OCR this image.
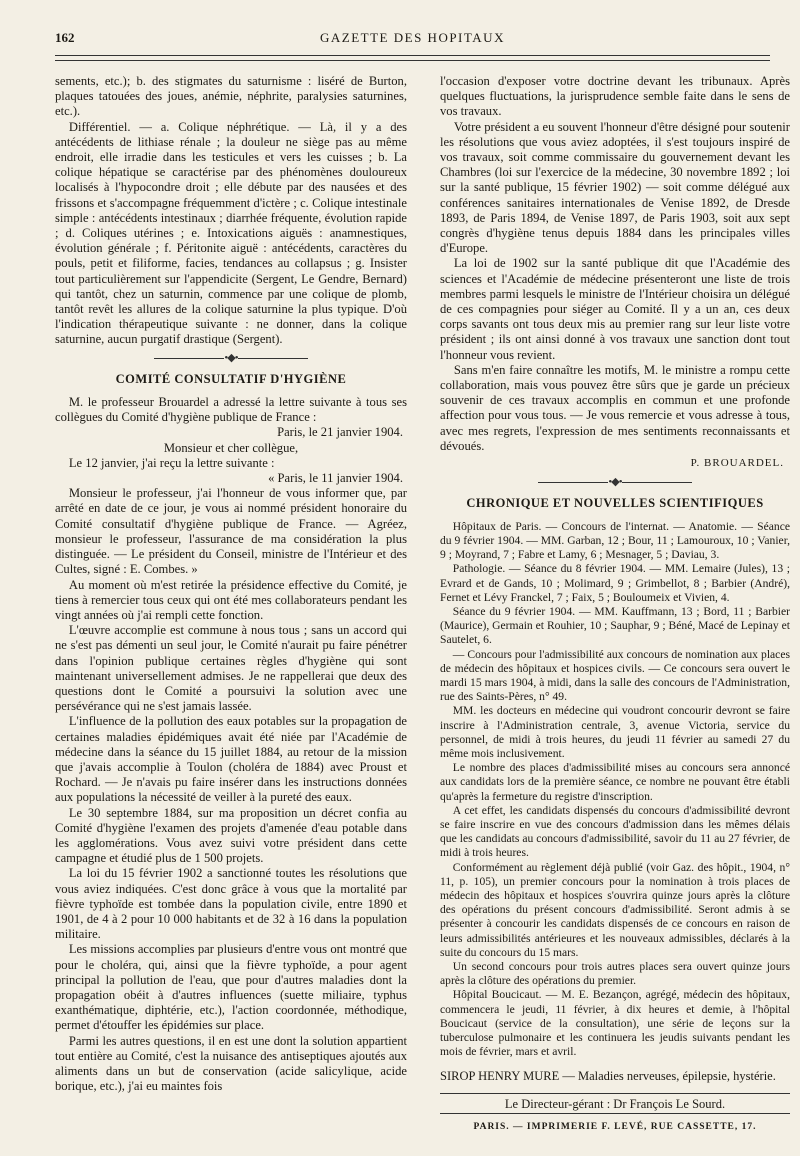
162	GAZETTE DES HOPITAUX

sements, etc.); b. des stigmates du saturnisme : liséré de Burton, plaques tatouées des joues, anémie, néphrite, paralysies saturnines, etc.).

Différentiel. — a. Colique néphrétique. — Là, il y a des antécédents de lithiase rénale ; la douleur ne siège pas au même endroit, elle irradie dans les testicules et vers les cuisses ; b. La colique hépatique se caractérise par des phénomènes douloureux localisés à l'hypocondre droit ; elle débute par des nausées et des frissons et s'accompagne fréquemment d'ictère ; c. Colique intestinale simple : antécédents intestinaux ; diarrhée fréquente, évolution rapide ; d. Coliques utérines ; e. Intoxications aiguës : anamnestiques, évolution générale ; f. Péritonite aiguë : antécédents, caractères du pouls, petit et filiforme, facies, tendances au collapsus ; g. Insister tout particulièrement sur l'appendicite (Sergent, Le Gendre, Bernard) qui tantôt, chez un saturnin, commence par une colique de plomb, tantôt revêt les allures de la colique saturnine la plus typique. D'où l'indication thérapeutique suivante : ne donner, dans la colique saturnine, aucun purgatif drastique (Sergent).

•◆•
COMITÉ CONSULTATIF D'HYGIÈNE

M. le professeur Brouardel a adressé la lettre suivante à tous ses collègues du Comité d'hygiène publique de France :

Paris, le 21 janvier 1904.

Monsieur et cher collègue,

Le 12 janvier, j'ai reçu la lettre suivante :

« Paris, le 11 janvier 1904.

Monsieur le professeur, j'ai l'honneur de vous informer que, par arrêté en date de ce jour, je vous ai nommé président honoraire du Comité consultatif d'hygiène publique de France. — Agréez, monsieur le professeur, l'assurance de ma considération la plus distinguée. — Le président du Conseil, ministre de l'Intérieur et des Cultes, signé : E. Combes. »

Au moment où m'est retirée la présidence effective du Comité, je tiens à remercier tous ceux qui ont été mes collaborateurs pendant les vingt années où j'ai rempli cette fonction.

L'œuvre accomplie est commune à nous tous ; sans un accord qui ne s'est pas démenti un seul jour, le Comité n'aurait pu faire pénétrer dans l'opinion publique certaines règles d'hygiène qui sont maintenant universellement admises. Je ne rappellerai que deux des questions dont le Comité a poursuivi la solution avec une persévérance qui ne s'est jamais lassée.

L'influence de la pollution des eaux potables sur la propagation de certaines maladies épidémiques avait été niée par l'Académie de médecine dans la séance du 15 juillet 1884, au retour de la mission que j'avais accomplie à Toulon (choléra de 1884) avec Proust et Rochard. — Je n'avais pu faire insérer dans les instructions données aux populations la nécessité de veiller à la pureté des eaux.

Le 30 septembre 1884, sur ma proposition un décret confia au Comité d'hygiène l'examen des projets d'amenée d'eau potable dans les agglomérations. Vous avez suivi votre président dans cette campagne et étudié plus de 1 500 projets.

La loi du 15 février 1902 a sanctionné toutes les résolutions que vous aviez indiquées. C'est donc grâce à vous que la mortalité par fièvre typhoïde est tombée dans la population civile, entre 1890 et 1901, de 4 à 2 pour 10 000 habitants et de 32 à 16 dans la population militaire.

Les missions accomplies par plusieurs d'entre vous ont montré que pour le choléra, qui, ainsi que la fièvre typhoïde, a pour agent principal la pollution de l'eau, que pour d'autres maladies dont la propagation obéit à d'autres influences (suette miliaire, typhus exanthématique, diphtérie, etc.), l'action coordonnée, méthodique, permet d'étouffer les épidémies sur place.

Parmi les autres questions, il en est une dont la solution appartient tout entière au Comité, c'est la nuisance des antiseptiques ajoutés aux aliments dans un but de conservation (acide salicylique, acide borique, etc.), j'ai eu maintes fois

l'occasion d'exposer votre doctrine devant les tribunaux. Après quelques fluctuations, la jurisprudence semble faite dans le sens de vos travaux.

Votre président a eu souvent l'honneur d'être désigné pour soutenir les résolutions que vous aviez adoptées, il s'est toujours inspiré de vos travaux, soit comme commissaire du gouvernement devant les Chambres (loi sur l'exercice de la médecine, 30 novembre 1892 ; loi sur la santé publique, 15 février 1902) — soit comme délégué aux conférences sanitaires internationales de Venise 1892, de Dresde 1893, de Paris 1894, de Venise 1897, de Paris 1903, soit aux sept congrès d'hygiène tenus depuis 1884 dans les principales villes d'Europe.

La loi de 1902 sur la santé publique dit que l'Académie des sciences et l'Académie de médecine présenteront une liste de trois membres parmi lesquels le ministre de l'Intérieur choisira un délégué de ces compagnies pour siéger au Comité. Il y a un an, ces deux corps savants ont tous deux mis au premier rang sur leur liste votre président ; ils ont ainsi donné à vos travaux une sanction dont tout l'honneur vous revient.

Sans m'en faire connaître les motifs, M. le ministre a rompu cette collaboration, mais vous pouvez être sûrs que je garde un précieux souvenir de ces travaux accomplis en commun et une profonde affection pour vous tous. — Je vous remercie et vous adresse à tous, avec mes regrets, l'expression de mes sentiments reconnaissants et dévoués.

P. BROUARDEL.
•◆•
CHRONIQUE ET NOUVELLES SCIENTIFIQUES

Hôpitaux de Paris. — Concours de l'internat. — Anatomie. — Séance du 9 février 1904. — MM. Garban, 12 ; Bour, 11 ; Lamouroux, 10 ; Vanier, 9 ; Moyrand, 7 ; Fabre et Lamy, 6 ; Mesnager, 5 ; Daviau, 3.

Pathologie. — Séance du 8 février 1904. — MM. Lemaire (Jules), 13 ; Evrard et de Gands, 10 ; Molimard, 9 ; Grimbellot, 8 ; Barbier (André), Fernet et Lévy Franckel, 7 ; Faix, 5 ; Bouloumeix et Vivien, 4.

Séance du 9 février 1904. — MM. Kauffmann, 13 ; Bord, 11 ; Barbier (Maurice), Germain et Rouhier, 10 ; Sauphar, 9 ; Béné, Macé de Lepinay et Sautelet, 6.

— Concours pour l'admissibilité aux concours de nomination aux places de médecin des hôpitaux et hospices civils. — Ce concours sera ouvert le mardi 15 mars 1904, à midi, dans la salle des concours de l'Administration, rue des Saints-Pères, n° 49.

MM. les docteurs en médecine qui voudront concourir devront se faire inscrire à l'Administration centrale, 3, avenue Victoria, service du personnel, de midi à trois heures, du jeudi 11 février au samedi 27 du même mois inclusivement.

Le nombre des places d'admissibilité mises au concours sera annoncé aux candidats lors de la première séance, ce nombre ne pouvant être établi qu'après la fermeture du registre d'inscription.

A cet effet, les candidats dispensés du concours d'admissibilité devront se faire inscrire en vue des concours d'admission dans les mêmes délais que les candidats au concours d'admissibilité, savoir du 11 au 27 février, de midi à trois heures.

Conformément au règlement déjà publié (voir Gaz. des hôpit., 1904, n° 11, p. 105), un premier concours pour la nomination à trois places de médecin des hôpitaux et hospices s'ouvrira quinze jours après la clôture des opérations du présent concours d'admissibilité. Seront admis à se présenter à concourir les candidats dispensés de ce concours en raison de leurs admissibilités antérieures et les nouveaux admissibles, déclarés à la suite du concours du 15 mars.

Un second concours pour trois autres places sera ouvert quinze jours après la clôture des opérations du premier.

Hôpital Boucicaut. — M. E. Bezançon, agrégé, médecin des hôpitaux, commencera le jeudi, 11 février, à dix heures et demie, à l'hôpital Boucicaut (service de la consultation), une série de leçons sur la tuberculose pulmonaire et les continuera les jeudis suivants pendant les mois de février, mars et avril.

SIROP HENRY MURE — Maladies nerveuses, épilepsie, hystérie.

Le Directeur-gérant : Dr François Le Sourd.
PARIS. — IMPRIMERIE F. LEVÉ, RUE CASSETTE, 17.
